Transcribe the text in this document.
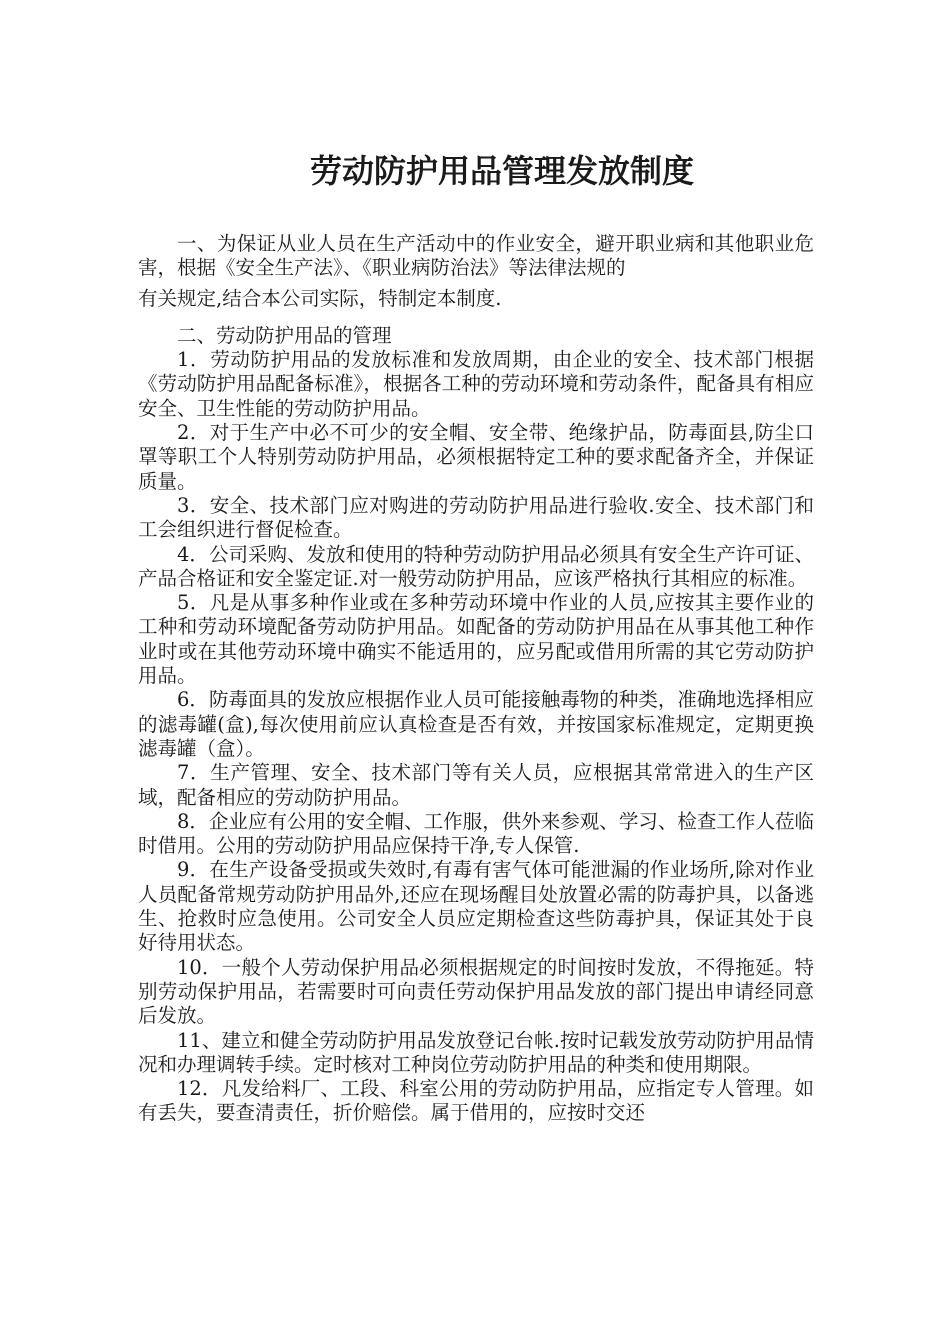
劳动防护用品管理发放制度

一、为保证从业人员在生产活动中的作业安全，避开职业病和其他职业危害，根据《安全生产法》、《职业病防治法》等法律法规的

有关规定,结合本公司实际，特制定本制度.

二、劳动防护用品的管理

1．劳动防护用品的发放标准和发放周期，由企业的安全、技术部门根据《劳动防护用品配备标准》，根据各工种的劳动环境和劳动条件，配备具有相应安全、卫生性能的劳动防护用品。

2．对于生产中必不可少的安全帽、安全带、绝缘护品，防毒面县,防尘口罩等职工个人特别劳动防护用品，必须根据特定工种的要求配备齐全，并保证质量。

3．安全、技术部门应对购进的劳动防护用品进行验收.安全、技术部门和工会组织进行督促检查。

4．公司采购、发放和使用的特种劳动防护用品必须具有安全生产许可证、产品合格证和安全鉴定证.对一般劳动防护用品，应该严格执行其相应的标准。

5．凡是从事多种作业或在多种劳动环境中作业的人员,应按其主要作业的工种和劳动环境配备劳动防护用品。如配备的劳动防护用品在从事其他工种作业时或在其他劳动环境中确实不能适用的，应另配或借用所需的其它劳动防护用品。

6．防毒面具的发放应根据作业人员可能接触毒物的种类，准确地选择相应的滤毒罐(盒),每次使用前应认真检查是否有效，并按国家标准规定，定期更换滤毒罐（盒）。

7．生产管理、安全、技术部门等有关人员，应根据其常常进入的生产区域，配备相应的劳动防护用品。

8．企业应有公用的安全帽、工作服，供外来参观、学习、检查工作人莅临时借用。公用的劳动防护用品应保持干净,专人保管.

9．在生产设备受损或失效时,有毒有害气体可能泄漏的作业场所,除对作业人员配备常规劳动防护用品外,还应在现场醒目处放置必需的防毒护具，以备逃生、抢救时应急使用。公司安全人员应定期检查这些防毒护具，保证其处于良好待用状态。

10．一般个人劳动保护用品必须根据规定的时间按时发放，不得拖延。特别劳动保护用品，若需要时可向责任劳动保护用品发放的部门提出申请经同意后发放。

11、建立和健全劳动防护用品发放登记台帐.按时记载发放劳动防护用品情况和办理调转手续。定时核对工种岗位劳动防护用品的种类和使用期限。

12．凡发给料厂、工段、科室公用的劳动防护用品，应指定专人管理。如有丢失，要查清责任，折价赔偿。属于借用的，应按时交还
